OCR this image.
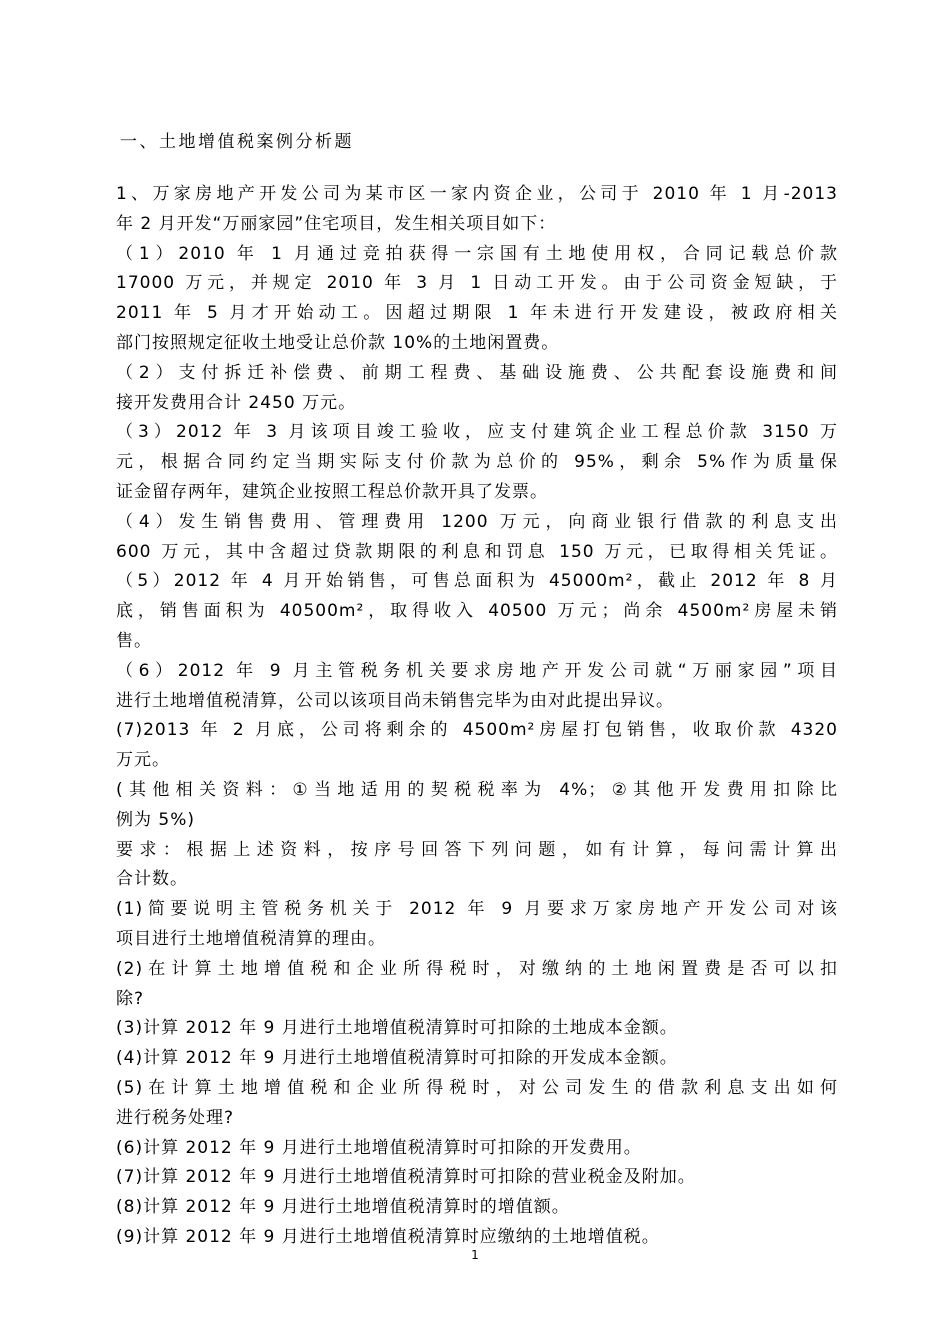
一、土地增值税案例分析题
1、万家房地产开发公司为某市区一家内资企业，公司于 2010 年 1 月-2013
年 2 月开发“万丽家园”住宅项目，发生相关项目如下：
（1）2010 年 1 月通过竞拍获得一宗国有土地使用权，合同记载总价款
17000 万元，并规定 2010 年 3 月 1 日动工开发。由于公司资金短缺，于
2011 年 5 月才开始动工。因超过期限 1 年未进行开发建设，被政府相关
部门按照规定征收土地受让总价款 10%的土地闲置费。
（2）支付拆迁补偿费、前期工程费、基础设施费、公共配套设施费和间
接开发费用合计 2450 万元。
（3）2012 年 3 月该项目竣工验收，应支付建筑企业工程总价款 3150 万
元，根据合同约定当期实际支付价款为总价的 95%，剩余 5%作为质量保
证金留存两年，建筑企业按照工程总价款开具了发票。
（4）发生销售费用、管理费用 1200 万元，向商业银行借款的利息支出
600 万元，其中含超过贷款期限的利息和罚息 150 万元，已取得相关凭证。
（5）2012 年 4 月开始销售，可售总面积为 45000m²，截止 2012 年 8 月
底，销售面积为 40500m²，取得收入 40500 万元；尚余 4500m²房屋未销
售。
（6）2012 年 9 月主管税务机关要求房地产开发公司就“万丽家园”项目
进行土地增值税清算，公司以该项目尚未销售完毕为由对此提出异议。
(7)2013 年 2 月底，公司将剩余的 4500m²房屋打包销售，收取价款 4320
万元。
(其他相关资料：①当地适用的契税税率为 4%；②其他开发费用扣除比
例为 5%)
要求：根据上述资料，按序号回答下列问题，如有计算，每问需计算出
合计数。
(1)简要说明主管税务机关于 2012 年 9 月要求万家房地产开发公司对该
项目进行土地增值税清算的理由。
(2)在计算土地增值税和企业所得税时，对缴纳的土地闲置费是否可以扣
除?
(3)计算 2012 年 9 月进行土地增值税清算时可扣除的土地成本金额。
(4)计算 2012 年 9 月进行土地增值税清算时可扣除的开发成本金额。
(5)在计算土地增值税和企业所得税时，对公司发生的借款利息支出如何
进行税务处理?
(6)计算 2012 年 9 月进行土地增值税清算时可扣除的开发费用。
(7)计算 2012 年 9 月进行土地增值税清算时可扣除的营业税金及附加。
(8)计算 2012 年 9 月进行土地增值税清算时的增值额。
(9)计算 2012 年 9 月进行土地增值税清算时应缴纳的土地增值税。
1
